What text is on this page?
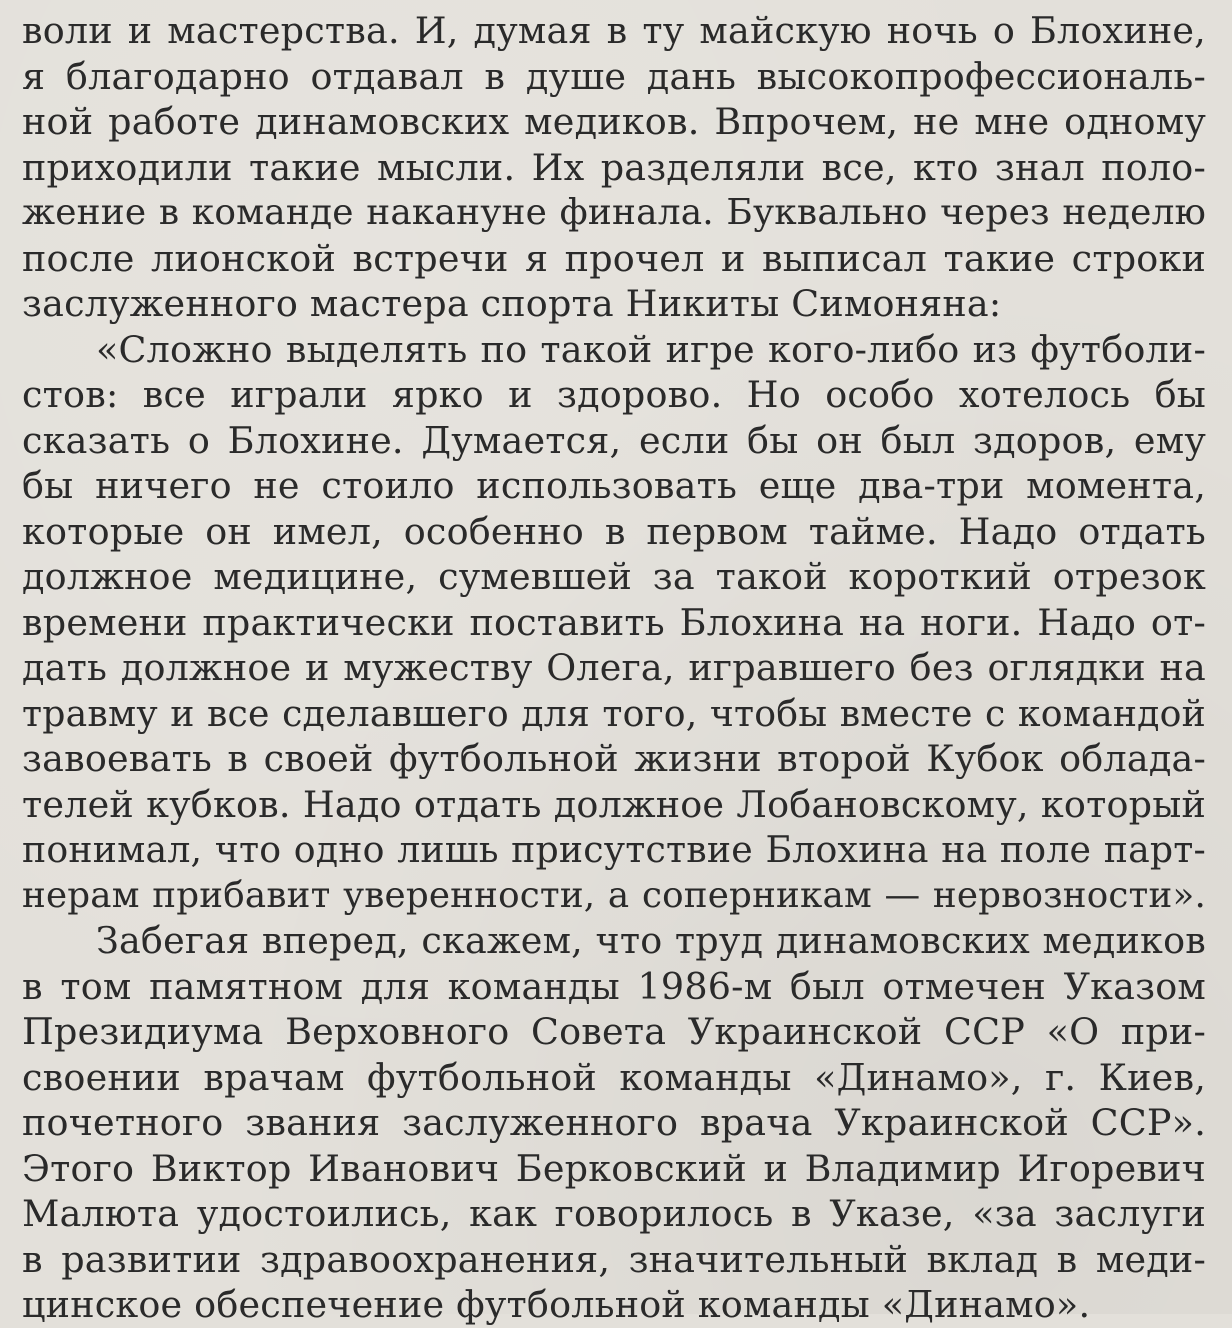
воли и мастерства. И, думая в ту майскую ночь о Блохине,
я благодарно отдавал в душе дань высокопрофессиональ-
ной работе динамовских медиков. Впрочем, не мне одному
приходили такие мысли. Их разделяли все, кто знал поло-
жение в команде накануне финала. Буквально через неделю
после лионской встречи я прочел и выписал такие строки
заслуженного мастера спорта Никиты Симоняна:
«Сложно выделять по такой игре кого-либо из футболи-
стов: все играли ярко и здорово. Но особо хотелось бы
сказать о Блохине. Думается, если бы он был здоров, ему
бы ничего не стоило использовать еще два-три момента,
которые он имел, особенно в первом тайме. Надо отдать
должное медицине, сумевшей за такой короткий отрезок
времени практически поставить Блохина на ноги. Надо от-
дать должное и мужеству Олега, игравшего без оглядки на
травму и все сделавшего для того, чтобы вместе с командой
завоевать в своей футбольной жизни второй Кубок облада-
телей кубков. Надо отдать должное Лобановскому, который
понимал, что одно лишь присутствие Блохина на поле парт-
нерам прибавит уверенности, а соперникам — нервозности».
Забегая вперед, скажем, что труд динамовских медиков
в том памятном для команды 1986-м был отмечен Указом
Президиума Верховного Совета Украинской ССР «О при-
своении врачам футбольной команды «Динамо», г. Киев,
почетного звания заслуженного врача Украинской ССР».
Этого Виктор Иванович Берковский и Владимир Игоревич
Малюта удостоились, как говорилось в Указе, «за заслуги
в развитии здравоохранения, значительный вклад в меди-
цинское обеспечение футбольной команды «Динамо».
